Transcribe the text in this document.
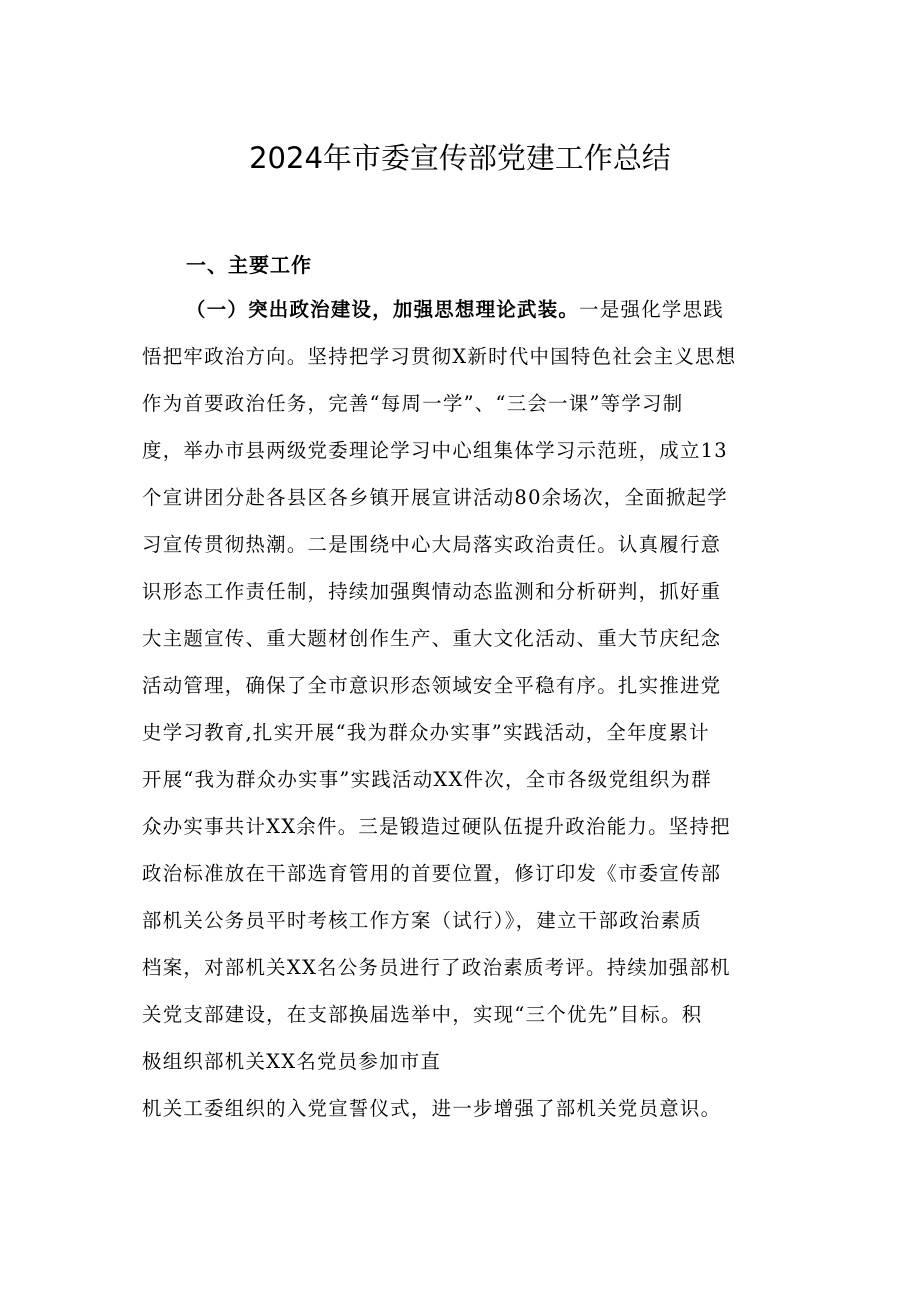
2024年市委宣传部党建工作总结
一、主要工作
（一）突出政治建设，加强思想理论武装。一是强化学思践
悟把牢政治方向。坚持把学习贯彻X新时代中国特色社会主义思想
作为首要政治任务，完善“每周一学”、“三会一课”等学习制
度，举办市县两级党委理论学习中心组集体学习示范班，成立13
个宣讲团分赴各县区各乡镇开展宣讲活动80余场次，全面掀起学
习宣传贯彻热潮。二是围绕中心大局落实政治责任。认真履行意
识形态工作责任制，持续加强舆情动态监测和分析研判，抓好重
大主题宣传、重大题材创作生产、重大文化活动、重大节庆纪念
活动管理，确保了全市意识形态领域安全平稳有序。扎实推进党
史学习教育,扎实开展“我为群众办实事”实践活动，全年度累计
开展“我为群众办实事”实践活动XX件次，全市各级党组织为群
众办实事共计XX余件。三是锻造过硬队伍提升政治能力。坚持把
政治标准放在干部选育管用的首要位置，修订印发《市委宣传部
部机关公务员平时考核工作方案（试行）》，建立干部政治素质
档案，对部机关XX名公务员进行了政治素质考评。持续加强部机
关党支部建设，在支部换届选举中，实现“三个优先”目标。积
极组织部机关XX名党员参加市直
机关工委组织的入党宣誓仪式，进一步增强了部机关党员意识。
